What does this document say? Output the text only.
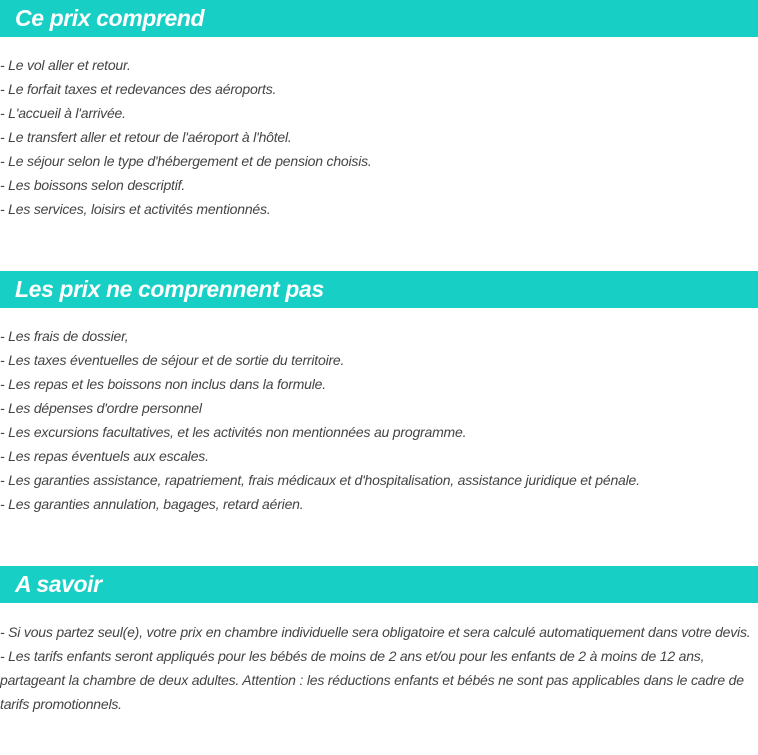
Ce prix comprend
- Le vol aller et retour.
- Le forfait taxes et redevances des aéroports.
- L'accueil à l'arrivée.
- Le transfert aller et retour de l'aéroport à l'hôtel.
- Le séjour selon le type d'hébergement et de pension choisis.
- Les boissons selon descriptif.
- Les services, loisirs et activités mentionnés.
Les prix ne comprennent pas
- Les frais de dossier,
- Les taxes éventuelles de séjour et de sortie du territoire.
- Les repas et les boissons non inclus dans la formule.
- Les dépenses d'ordre personnel
- Les excursions facultatives, et les activités non mentionnées au programme.
- Les repas éventuels aux escales.
- Les garanties assistance, rapatriement, frais médicaux et d'hospitalisation, assistance juridique et pénale.
- Les garanties annulation, bagages, retard aérien.
A savoir
- Si vous partez seul(e), votre prix en chambre individuelle sera obligatoire et sera calculé automatiquement dans votre devis.
- Les tarifs enfants seront appliqués pour les bébés de moins de 2 ans et/ou pour les enfants de 2 à moins de 12 ans, partageant la chambre de deux adultes. Attention : les réductions enfants et bébés ne sont pas applicables dans le cadre de tarifs promotionnels.
